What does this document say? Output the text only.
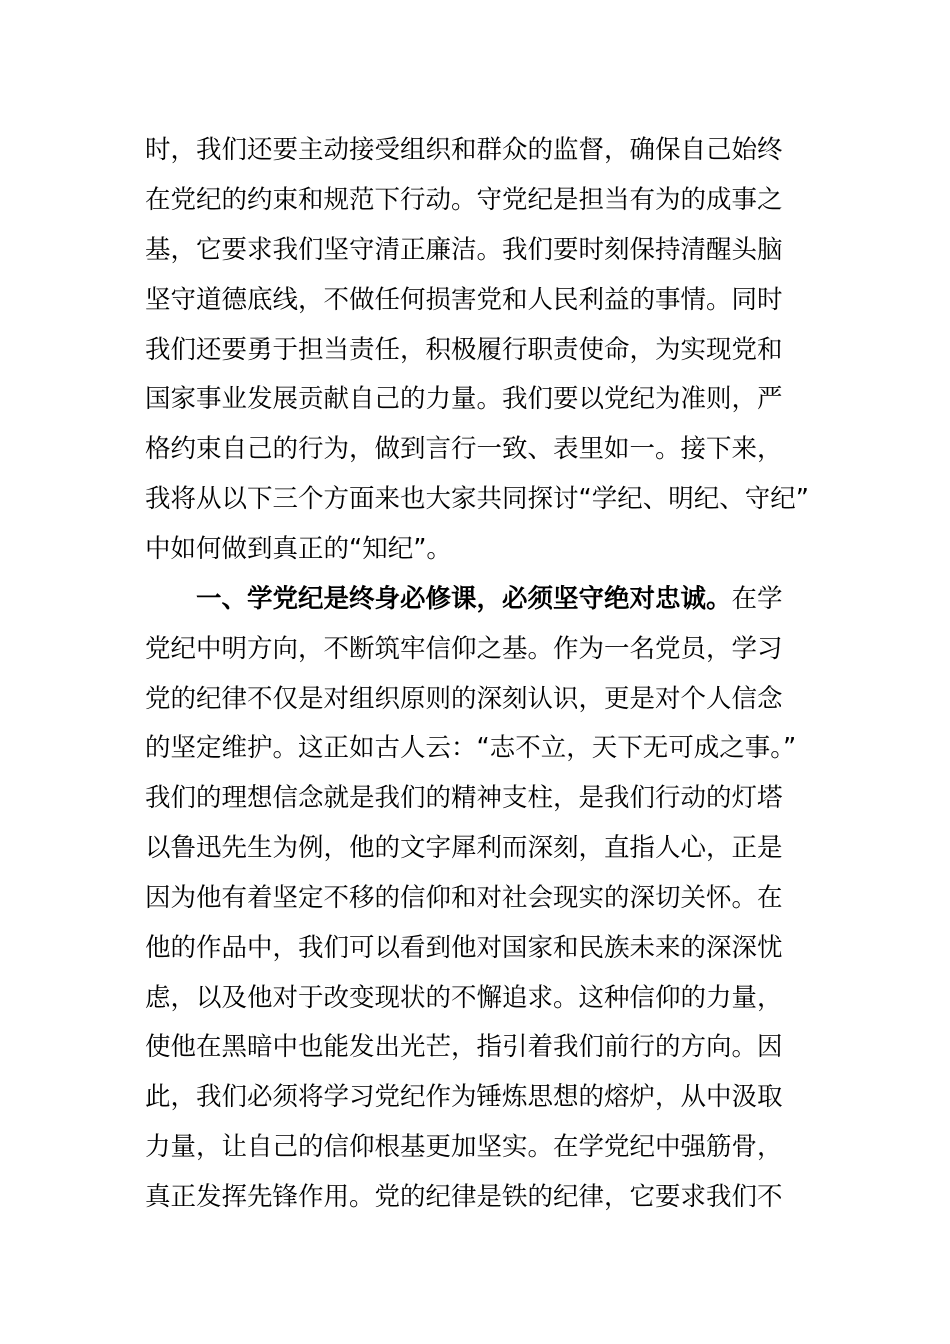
时，我们还要主动接受组织和群众的监督，确保自己始终
在党纪的约束和规范下行动。守党纪是担当有为的成事之
基，它要求我们坚守清正廉洁。我们要时刻保持清醒头脑
坚守道德底线，不做任何损害党和人民利益的事情。同时
我们还要勇于担当责任，积极履行职责使命，为实现党和
国家事业发展贡献自己的力量。我们要以党纪为准则，严
格约束自己的行为，做到言行一致、表里如一。接下来，
我将从以下三个方面来也大家共同探讨“学纪、明纪、守纪”
中如何做到真正的“知纪”。
一、学党纪是终身必修课，必须坚守绝对忠诚。在学
党纪中明方向，不断筑牢信仰之基。作为一名党员，学习
党的纪律不仅是对组织原则的深刻认识，更是对个人信念
的坚定维护。这正如古人云：“志不立，天下无可成之事。”
我们的理想信念就是我们的精神支柱，是我们行动的灯塔
以鲁迅先生为例，他的文字犀利而深刻，直指人心，正是
因为他有着坚定不移的信仰和对社会现实的深切关怀。在
他的作品中，我们可以看到他对国家和民族未来的深深忧
虑，以及他对于改变现状的不懈追求。这种信仰的力量，
使他在黑暗中也能发出光芒，指引着我们前行的方向。因
此，我们必须将学习党纪作为锤炼思想的熔炉，从中汲取
力量，让自己的信仰根基更加坚实。在学党纪中强筋骨，
真正发挥先锋作用。党的纪律是铁的纪律，它要求我们不
